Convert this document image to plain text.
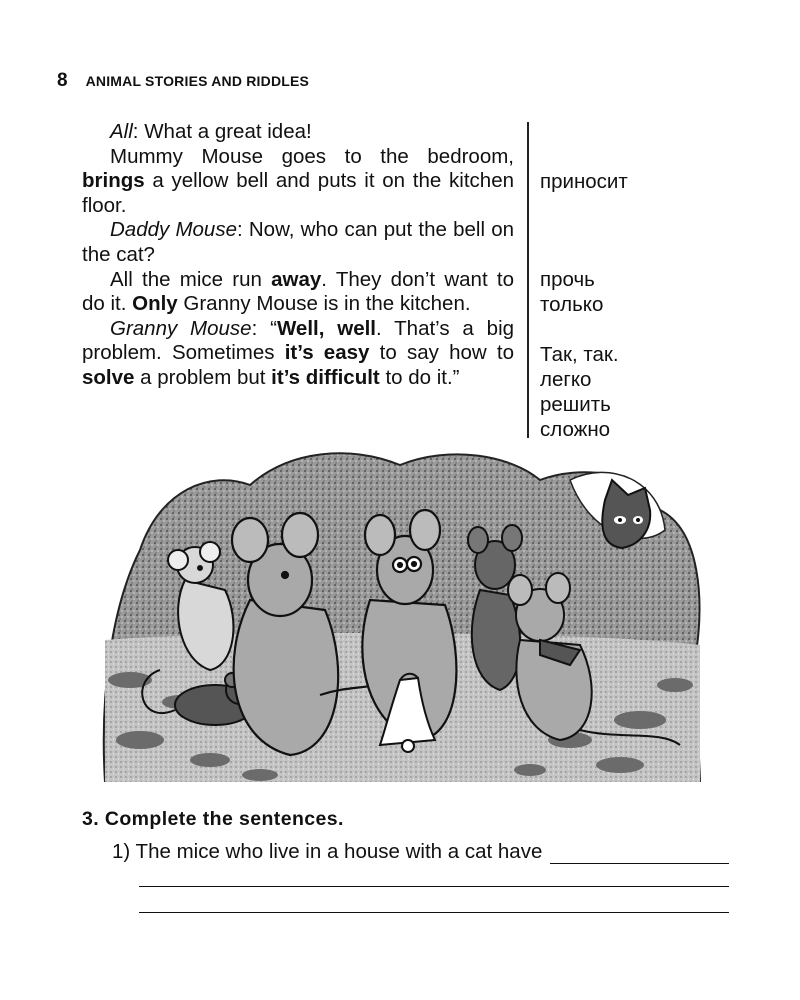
8 ANIMAL STORIES AND RIDDLES

All: What a great idea!

Mummy Mouse goes to the bedroom, brings a yellow bell and puts it on the kitchen floor.

Daddy Mouse: Now, who can put the bell on the cat?

All the mice run away. They don’t want to do it. Only Granny Mouse is in the kitchen.

Granny Mouse: “Well, well. That’s a big problem. Sometimes it’s easy to say how to solve a problem but it’s difficult to do it.”

приносит
прочь
только
Так, так.
легко
решить
сложно
3. Complete the sentences.
1) The mice who live in a house with a cat have
